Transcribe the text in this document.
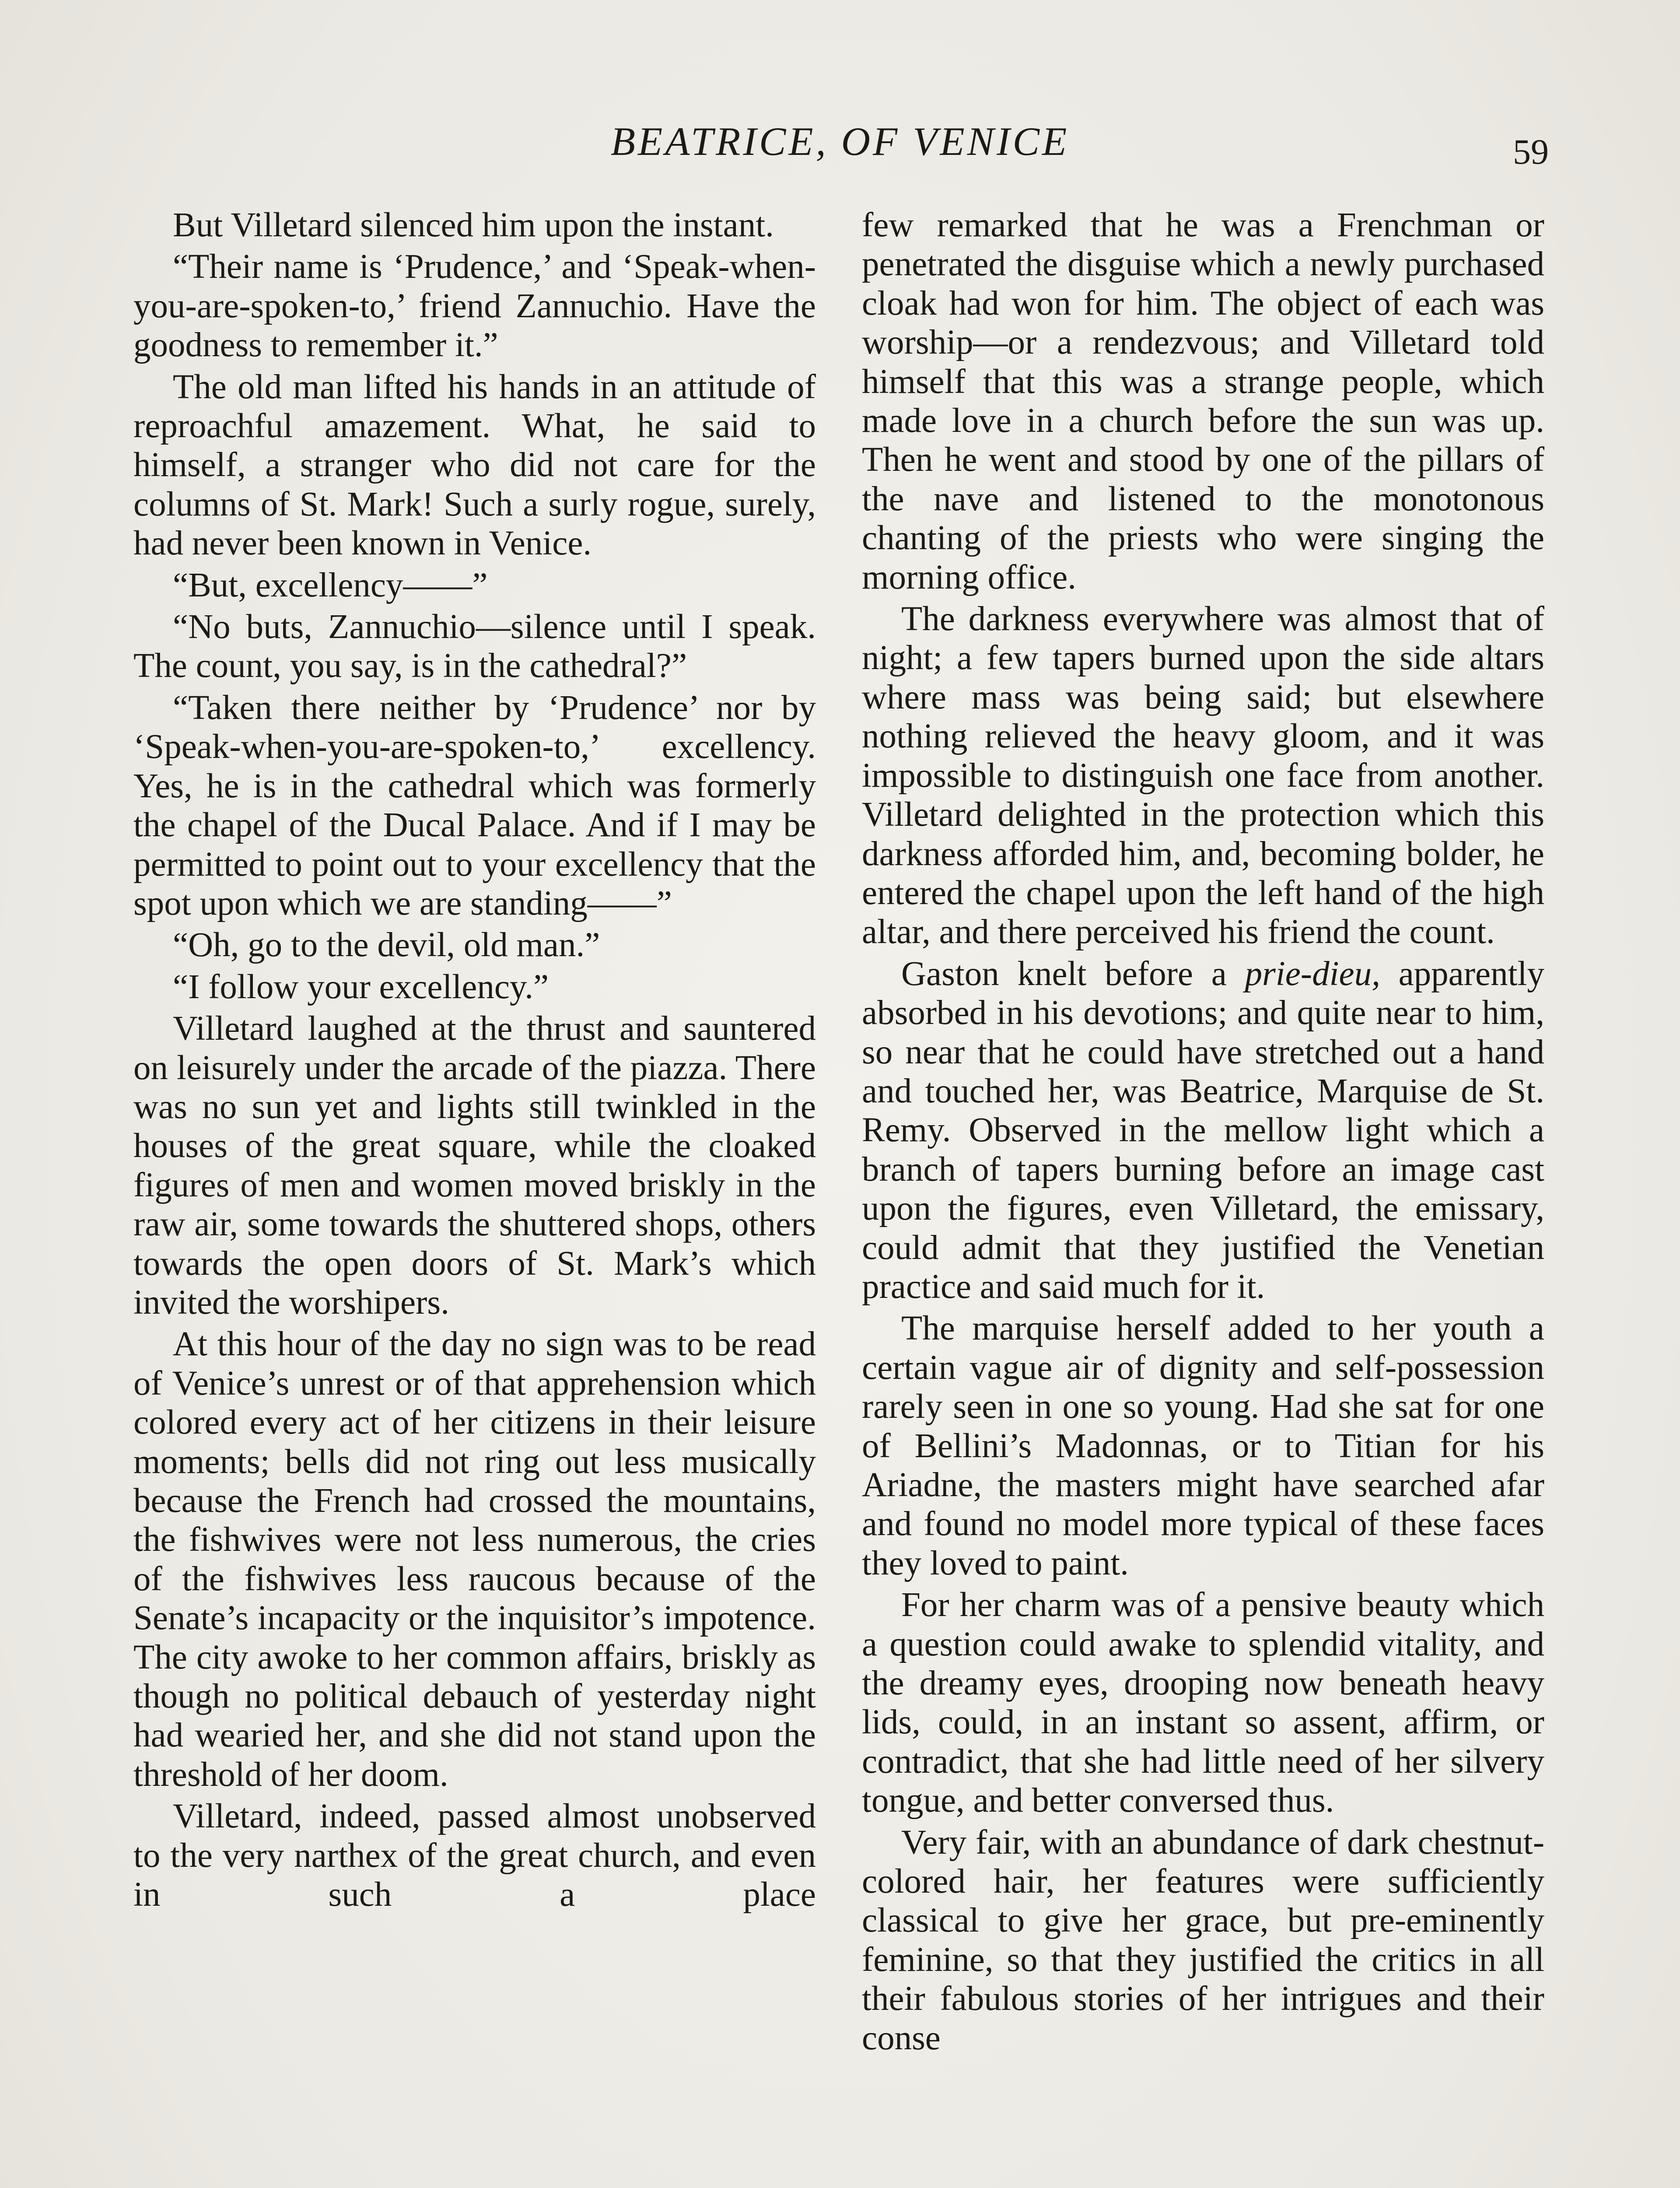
BEATRICE, OF VENICE	59

But Villetard silenced him upon the instant.

“Their name is ‘Prudence,’ and ‘Speak-when-you-are-spoken-to,’ friend Zannuchio. Have the goodness to remember it.”

The old man lifted his hands in an attitude of reproachful amazement. What, he said to himself, a stranger who did not care for the columns of St. Mark! Such a surly rogue, surely, had never been known in Venice.

“But, excellency——”

“No buts, Zannuchio—silence until I speak. The count, you say, is in the cathedral?”

“Taken there neither by ‘Prudence’ nor by ‘Speak-when-you-are-spoken-to,’ excellency. Yes, he is in the cathedral which was formerly the chapel of the Ducal Palace. And if I may be permitted to point out to your excellency that the spot upon which we are standing——”

“Oh, go to the devil, old man.”

“I follow your excellency.”

Villetard laughed at the thrust and sauntered on leisurely under the arcade of the piazza. There was no sun yet and lights still twinkled in the houses of the great square, while the cloaked figures of men and women moved briskly in the raw air, some towards the shuttered shops, others towards the open doors of St. Mark’s which invited the worshipers.

At this hour of the day no sign was to be read of Venice’s unrest or of that apprehension which colored every act of her citizens in their leisure moments; bells did not ring out less musically because the French had crossed the mountains, the fishwives were not less numerous, the cries of the fishwives less raucous because of the Senate’s incapacity or the inquisitor’s impotence. The city awoke to her common affairs, briskly as though no political debauch of yesterday night had wearied her, and she did not stand upon the threshold of her doom.

Villetard, indeed, passed almost unobserved to the very narthex of the great church, and even in such a place

few remarked that he was a Frenchman or penetrated the disguise which a newly purchased cloak had won for him. The object of each was worship—or a rendezvous; and Villetard told himself that this was a strange people, which made love in a church before the sun was up. Then he went and stood by one of the pillars of the nave and listened to the monotonous chanting of the priests who were singing the morning office.

The darkness everywhere was almost that of night; a few tapers burned upon the side altars where mass was being said; but elsewhere nothing relieved the heavy gloom, and it was impossible to distinguish one face from another. Villetard delighted in the protection which this darkness afforded him, and, becoming bolder, he entered the chapel upon the left hand of the high altar, and there perceived his friend the count.

Gaston knelt before a prie-dieu, apparently absorbed in his devotions; and quite near to him, so near that he could have stretched out a hand and touched her, was Beatrice, Marquise de St. Remy. Observed in the mellow light which a branch of tapers burning before an image cast upon the figures, even Villetard, the emissary, could admit that they justified the Venetian practice and said much for it.

The marquise herself added to her youth a certain vague air of dignity and self-possession rarely seen in one so young. Had she sat for one of Bellini’s Madonnas, or to Titian for his Ariadne, the masters might have searched afar and found no model more typical of these faces they loved to paint.

For her charm was of a pensive beauty which a question could awake to splendid vitality, and the dreamy eyes, drooping now beneath heavy lids, could, in an instant so assent, affirm, or contradict, that she had little need of her silvery tongue, and better conversed thus.

Very fair, with an abundance of dark chestnut-colored hair, her features were sufficiently classical to give her grace, but pre-eminently feminine, so that they justified the critics in all their fabulous stories of her intrigues and their conse
